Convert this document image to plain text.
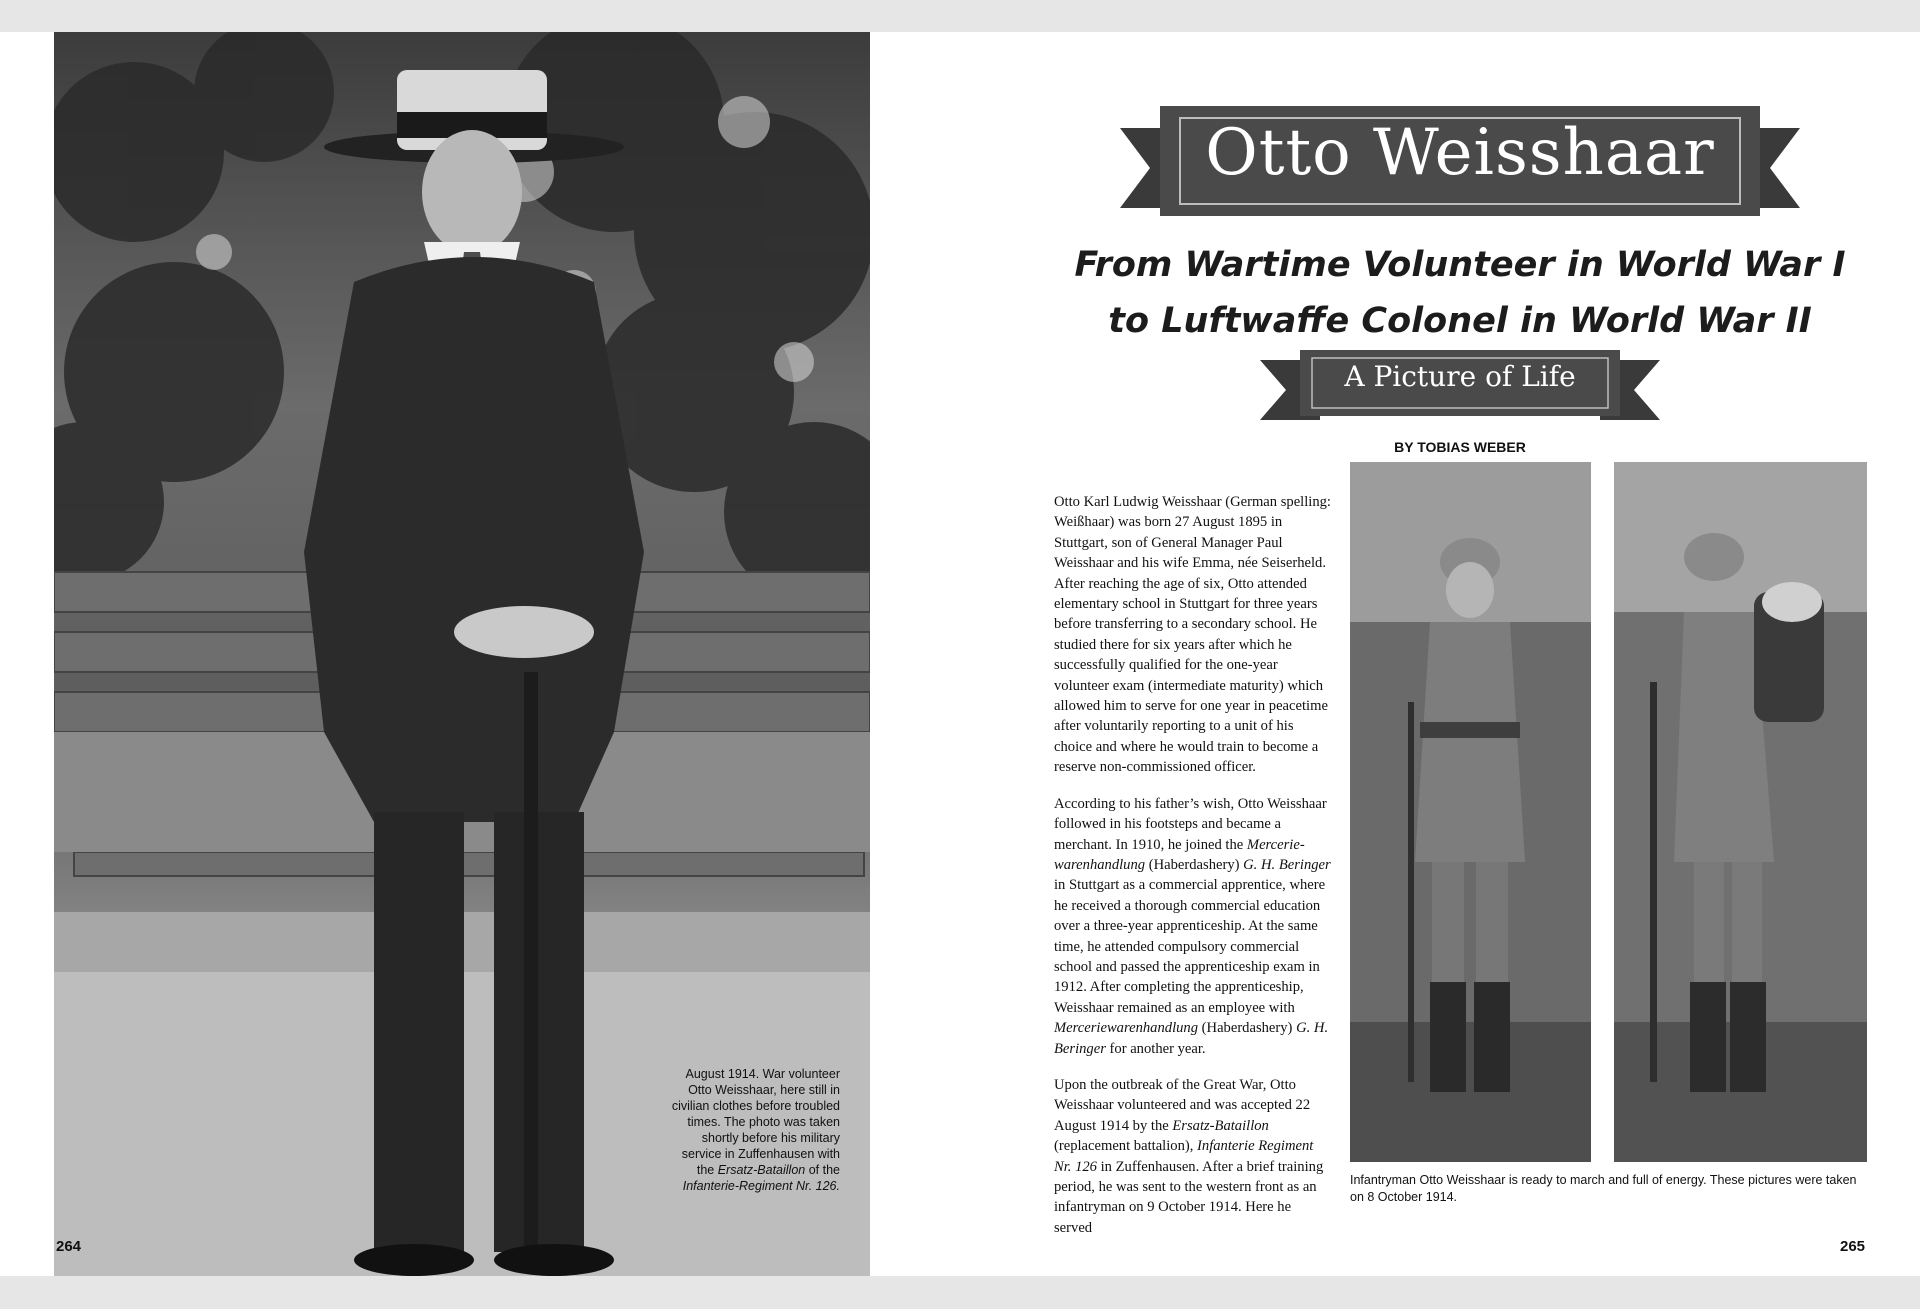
August 1914. War volunteer
Otto Weisshaar, here still in
civilian clothes before troubled
times. The photo was taken
shortly before his military
service in Zuffenhausen with
the Ersatz-Bataillon of the
Infanterie-Regiment Nr. 126.
264
Otto Weisshaar
From Wartime Volunteer in World War I
to Luftwaffe Colonel in World War II
A Picture of Life
BY TOBIAS WEBER

Otto Karl Ludwig Weisshaar (German spelling: Weißhaar) was born 27 August 1895 in Stuttgart, son of General Manager Paul Weisshaar and his wife Emma, née Seiserheld. After reaching the age of six, Otto attended elementary school in Stuttgart for three years before transferring to a secondary school. He studied there for six years after which he successfully qualified for the one-year volunteer exam (intermediate maturity) which allowed him to serve for one year in peacetime after voluntarily reporting to a unit of his choice and where he would train to become a reserve non-commissioned officer.

According to his father’s wish, Otto Weisshaar followed in his footsteps and became a merchant. In 1910, he joined the Merceriewarenhandlung (Haberdashery) G. H. Beringer in Stuttgart as a commercial apprentice, where he received a thorough commercial education over a three-year apprenticeship. At the same time, he attended compulsory commercial school and passed the apprenticeship exam in 1912. After completing the apprenticeship, Weisshaar remained as an employee with Merceriewarenhandlung (Haberdashery) G. H. Beringer for another year.

Upon the outbreak of the Great War, Otto Weisshaar volunteered and was accepted 22 August 1914 by the Ersatz-Bataillon (replacement battalion), Infanterie Regiment Nr. 126 in Zuffenhausen. After a brief training period, he was sent to the western front as an infantryman on 9 October 1914. Here he served

Infantryman Otto Weisshaar is ready to march and full of energy. These pictures were taken on 8 October 1914.
265
